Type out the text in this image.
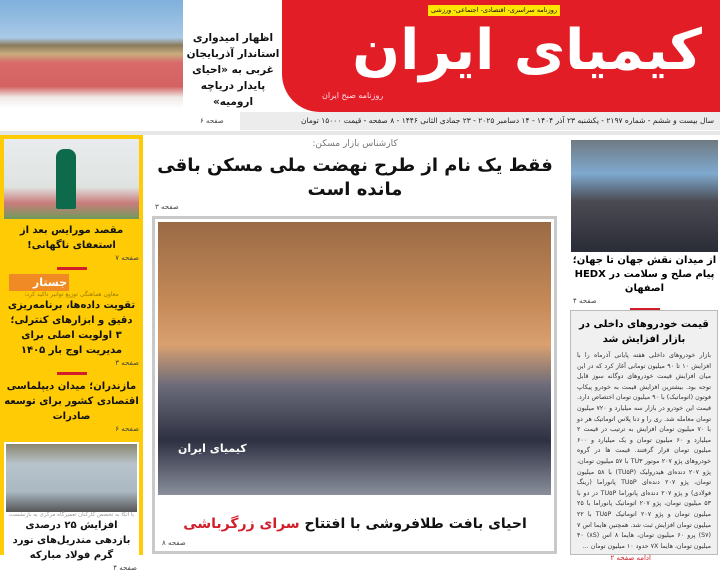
اظهار امیدواری استاندار آذربایجان غربی به «احیای پایدار دریاچه ارومیه»
صفحه ۶
روزنامه سراسری- اقتصادی- اجتماعی- ورزشی
کیمیای ایران
روزنامه صبح ایران
سال بیست و ششم - شماره ۲۱۹۷ - یکشنبه ۲۳ آذر ۱۴۰۴ - ۱۴ دسامبر ۲۰۲۵ - ۲۳ جمادی الثانی ۱۴۴۶ - ۸ صفحه - قیمت ۱۵۰۰۰ تومان
مقصد مورایس بعد از استعفای ناگهانی!
صفحه ۷
جستار
معاون هماهنگی توزیع توانیر تاکید کرد:
تقویت داده‌ها، برنامه‌ریزی دقیق و ابزارهای کنترلی؛ ۳ اولویت اصلی برای مدیریت اوج بار ۱۴۰۵
صفحه ۳
مازندران؛ میدان دیپلماسی اقتصادی کشور برای توسعه صادرات
صفحه ۶
با اتکا به تخصص کارکنان تعمیرگاه مرکزی به بازنشست
افزایش ۲۵ درصدی بازدهی مندریل‌های نورد گرم فولاد مبارکه
صفحه ۴
کارشناس بازار مسکن:
فقط یک نام از طرح نهضت ملی مسکن باقی مانده است
صفحه ۳
کیمیای ایران
احیای بافت طلافروشی با افتتاح سرای زرگرباشی
صفحه ۸
از میدان نقش جهان تا جهان؛ پیام صلح و سلامت در HEDX اصفهان
صفحه ۴
قیمت خودروهای داخلی در بازار افزایش شد

بازار خودروهای داخلی هفته پایانی آذرماه را با افزایش ۱۰ تا ۹۰ میلیون تومانی آغاز کرد که در این میان افزایش قیمت خودروهای دوگانه سوز قابل توجه بود. بیشترین افزایش قیمت به خودرو پیکاپ فوتون (اتوماتیک) با ۹۰ میلیون تومان اختصاص دارد. قیمت این خودرو در بازار سه میلیارد و ۷۲۰ میلیون تومان معامله شد. ری را و دنا پلاس اتوماتیک هر دو با ۷۰ میلیون تومان افزایش به ترتیب در قیمت ۲ میلیارد و ۶۰ میلیون تومان و یک میلیارد و ۶۰۰ میلیون تومان قرار گرفتند. قیمت ها در گروه خودروهای پژو ۲۰۷ موتور TU۳ با ۵۷ میلیون تومان، پژو ۲۰۷ دنده‌ای هیدرولیک (TU۵P) با ۵۸ میلیون تومان، پژو ۲۰۷ دنده‌ای TU۵P پانوراما (رینگ فولادی) و پژو ۲۰۷ دنده‌ای پانوراما TU۵P در دو با ۵۳ میلیون تومان، پژو ۲۰۷ اتوماتیک پانوراما با ۲۵ میلیون تومان و پژو ۲۰۷ اتوماتیک TU۵P با ۲۲ میلیون تومان افزایش ثبت شد. همچنین هایما اس ۷ (S۷) پرو ۶۰ میلیون تومان، هایما ۸ اس (۸S) ۴۰ میلیون تومان، هایما ۷X حدود ۱۰ میلیون تومان ...

ادامه صفحه ۲
